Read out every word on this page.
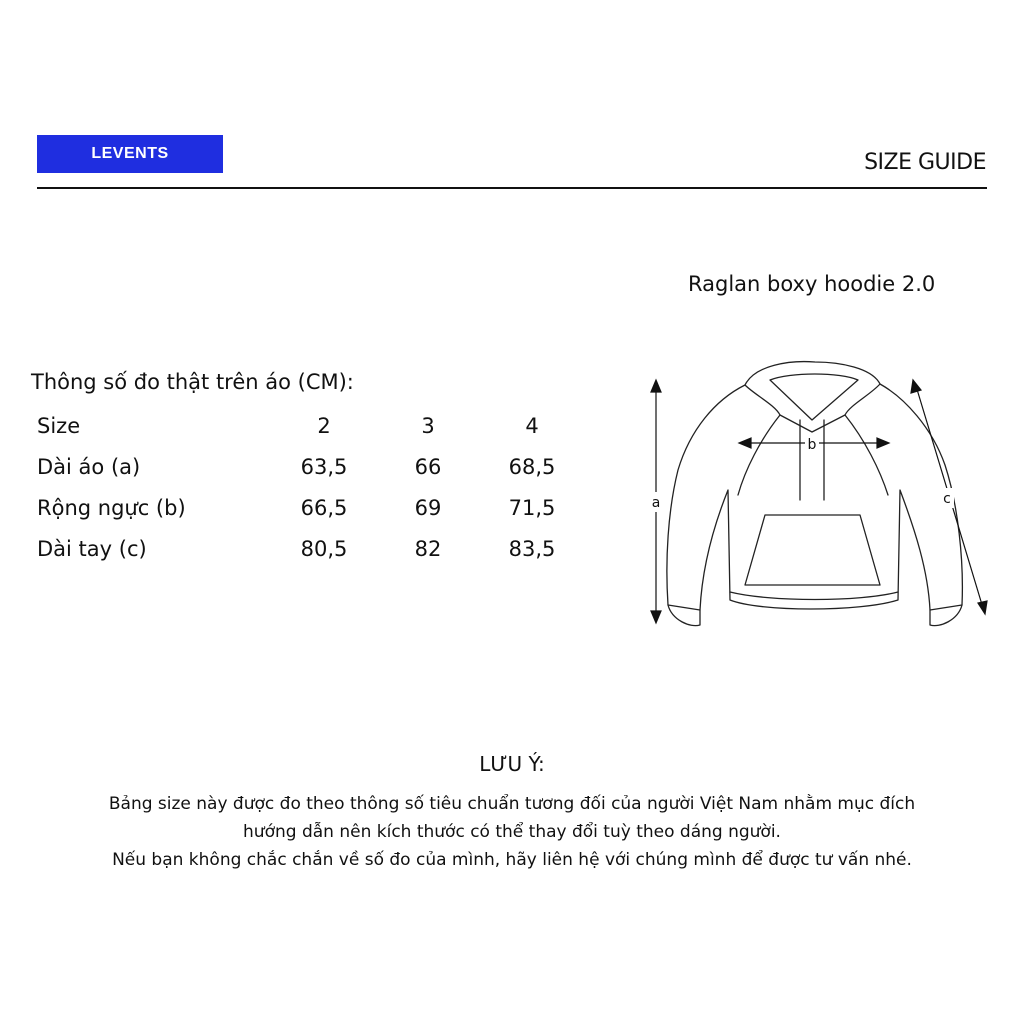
LEVENTS	SIZE GUIDE
Raglan boxy hoodie 2.0
Thông số đo thật trên áo (CM):
Size	2	3	4
Dài áo (a)	63,5	66	68,5
Rộng ngực (b)	66,5	69	71,5
Dài tay (c)	80,5	82	83,5
a
b
c
LƯU Ý:
Bảng size này được đo theo thông số tiêu chuẩn tương đối của người Việt Nam nhằm mục đích
hướng dẫn nên kích thước có thể thay đổi tuỳ theo dáng người.
Nếu bạn không chắc chắn về số đo của mình, hãy liên hệ với chúng mình để được tư vấn nhé.
